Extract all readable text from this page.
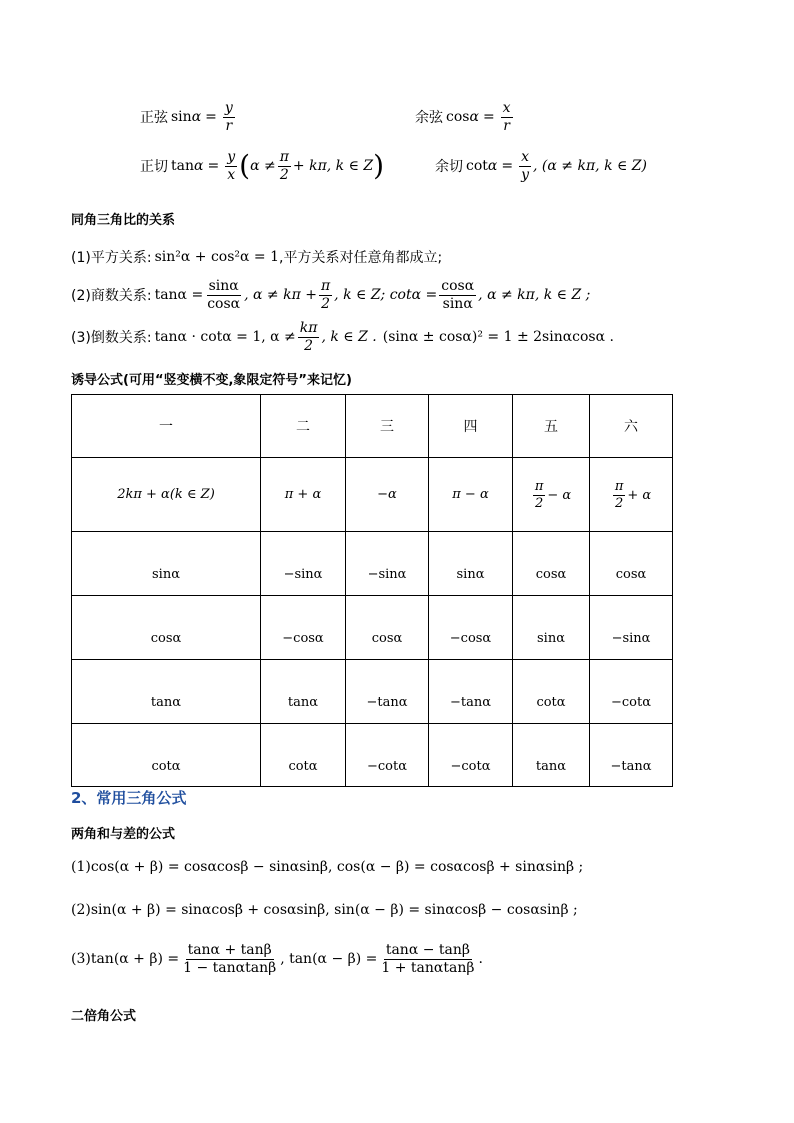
正弦 $\sin \alpha = \frac{y}{r}$	余弦 $\cos \alpha = \frac{x}{r}$
正切 $\tan \alpha = \frac{y}{x}$ ( $\alpha \ne \frac{\pi}{2} + k\pi$, k ∈ Z )	余切 $\cot \alpha = \frac{x}{y}$ , (α ≠ kπ, k ∈ Z)
同角三角比的关系
(1)平方关系: sin²α + cos²α = 1 ,平方关系对任意角都成立;
(2)商数关系: $\tan\alpha = \frac{\sin\alpha}{\cos\alpha}$ , $\alpha \ne k\pi + \frac{\pi}{2}$ , k ∈ Z; $\cot\alpha = \frac{\cos\alpha}{\sin\alpha}$ , α ≠ kπ, k ∈ Z ;
(3)倒数关系: tanα · cotα = 1, $\alpha \ne \frac{k\pi}{2}$ , k ∈ Z . (sinα ± cosα)² = 1 ± 2sinαcosα .
诱导公式(可用“竖变横不变,象限定符号”来记忆)
一	二	三	四	五	六
2kπ + α(k ∈ Z)	π + α	−α	π − α	$\frac{\pi}{2} - \alpha$	$\frac{\pi}{2} + \alpha$

sinα	−sinα	−sinα	sinα	cosα	cosα
cosα	−cosα	cosα	−cosα	sinα	−sinα
tanα	tanα	−tanα	−tanα	cotα	−cotα
cotα	cotα	−cotα	−cotα	tanα	−tanα
2、常用三角公式
两角和与差的公式
(1)cos(α + β) = cosαcosβ − sinαsinβ, cos(α − β) = cosαcosβ + sinαsinβ ;
(2)sin(α + β) = sinαcosβ + cosαsinβ, sin(α − β) = sinαcosβ − cosαsinβ ;
$(3)\tan(\alpha + \beta) = \frac{\tan\alpha + \tan\beta}{1 - \tan\alpha\tan\beta}$ , $\tan(\alpha - \beta) = \frac{\tan\alpha - \tan\beta}{1 + \tan\alpha\tan\beta}$ .
二倍角公式
